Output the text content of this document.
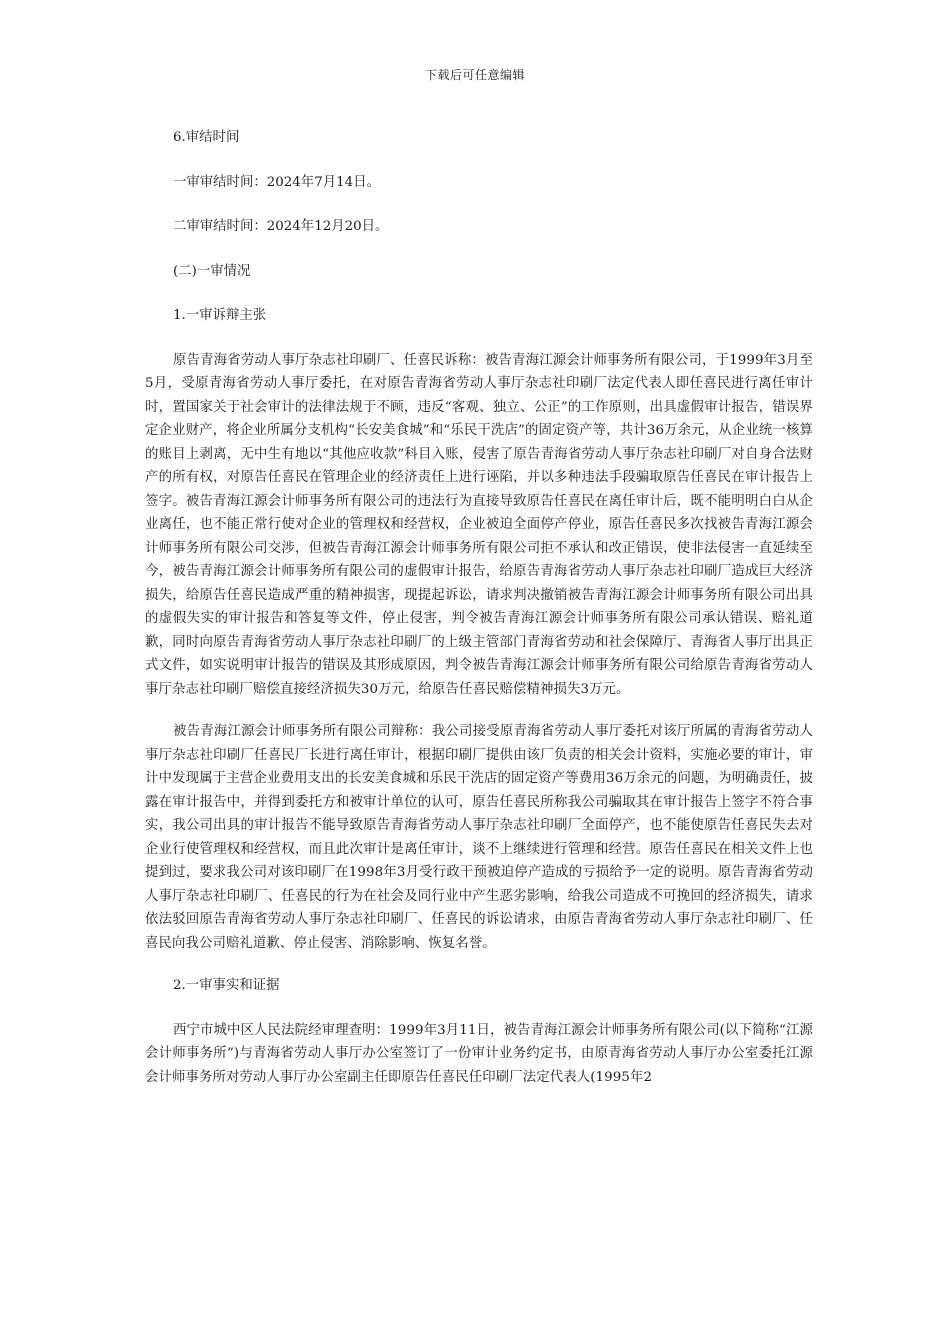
下载后可任意编辑

6.审结时间

一审审结时间：2024年7月14日。

二审审结时间：2024年12月20日。

(二)一审情况

1.一审诉辩主张

原告青海省劳动人事厅杂志社印刷厂、任喜民诉称：被告青海江源会计师事务所有限公司，于1999年3月至5月，受原青海省劳动人事厅委托，在对原告青海省劳动人事厅杂志社印刷厂法定代表人即任喜民进行离任审计时，置国家关于社会审计的法律法规于不顾，违反“客观、独立、公正”的工作原则，出具虚假审计报告，错误界定企业财产，将企业所属分支机构“长安美食城”和“乐民干洗店”的固定资产等，共计36万余元，从企业统一核算的账目上剥离，无中生有地以“其他应收款”科目入账，侵害了原告青海省劳动人事厅杂志社印刷厂对自身合法财产的所有权，对原告任喜民在管理企业的经济责任上进行诬陷，并以多种违法手段骗取原告任喜民在审计报告上签字。被告青海江源会计师事务所有限公司的违法行为直接导致原告任喜民在离任审计后，既不能明明白白从企业离任，也不能正常行使对企业的管理权和经营权，企业被迫全面停产停业，原告任喜民多次找被告青海江源会计师事务所有限公司交涉，但被告青海江源会计师事务所有限公司拒不承认和改正错误，使非法侵害一直延续至今，被告青海江源会计师事务所有限公司的虚假审计报告，给原告青海省劳动人事厅杂志社印刷厂造成巨大经济损失，给原告任喜民造成严重的精神损害，现提起诉讼，请求判决撤销被告青海江源会计师事务所有限公司出具的虚假失实的审计报告和答复等文件，停止侵害，判令被告青海江源会计师事务所有限公司承认错误、赔礼道歉，同时向原告青海省劳动人事厅杂志社印刷厂的上级主管部门青海省劳动和社会保障厅、青海省人事厅出具正式文件，如实说明审计报告的错误及其形成原因，判令被告青海江源会计师事务所有限公司给原告青海省劳动人事厅杂志社印刷厂赔偿直接经济损失30万元，给原告任喜民赔偿精神损失3万元。

被告青海江源会计师事务所有限公司辩称：我公司接受原青海省劳动人事厅委托对该厅所属的青海省劳动人事厅杂志社印刷厂任喜民厂长进行离任审计，根据印刷厂提供由该厂负责的相关会计资料，实施必要的审计，审计中发现属于主营企业费用支出的长安美食城和乐民干洗店的固定资产等费用36万余元的问题，为明确责任，披露在审计报告中，并得到委托方和被审计单位的认可，原告任喜民所称我公司骗取其在审计报告上签字不符合事实，我公司出具的审计报告不能导致原告青海省劳动人事厅杂志社印刷厂全面停产，也不能使原告任喜民失去对企业行使管理权和经营权，而且此次审计是离任审计，谈不上继续进行管理和经营。原告任喜民在相关文件上也提到过，要求我公司对该印刷厂在1998年3月受行政干预被迫停产造成的亏损给予一定的说明。原告青海省劳动人事厅杂志社印刷厂、任喜民的行为在社会及同行业中产生恶劣影响，给我公司造成不可挽回的经济损失，请求依法驳回原告青海省劳动人事厅杂志社印刷厂、任喜民的诉讼请求，由原告青海省劳动人事厅杂志社印刷厂、任喜民向我公司赔礼道歉、停止侵害、消除影响、恢复名誉。

2.一审事实和证据

西宁市城中区人民法院经审理查明：1999年3月11日，被告青海江源会计师事务所有限公司(以下简称“江源会计师事务所”)与青海省劳动人事厅办公室签订了一份审计业务约定书，由原青海省劳动人事厅办公室委托江源会计师事务所对劳动人事厅办公室副主任即原告任喜民任印刷厂法定代表人(1995年2
